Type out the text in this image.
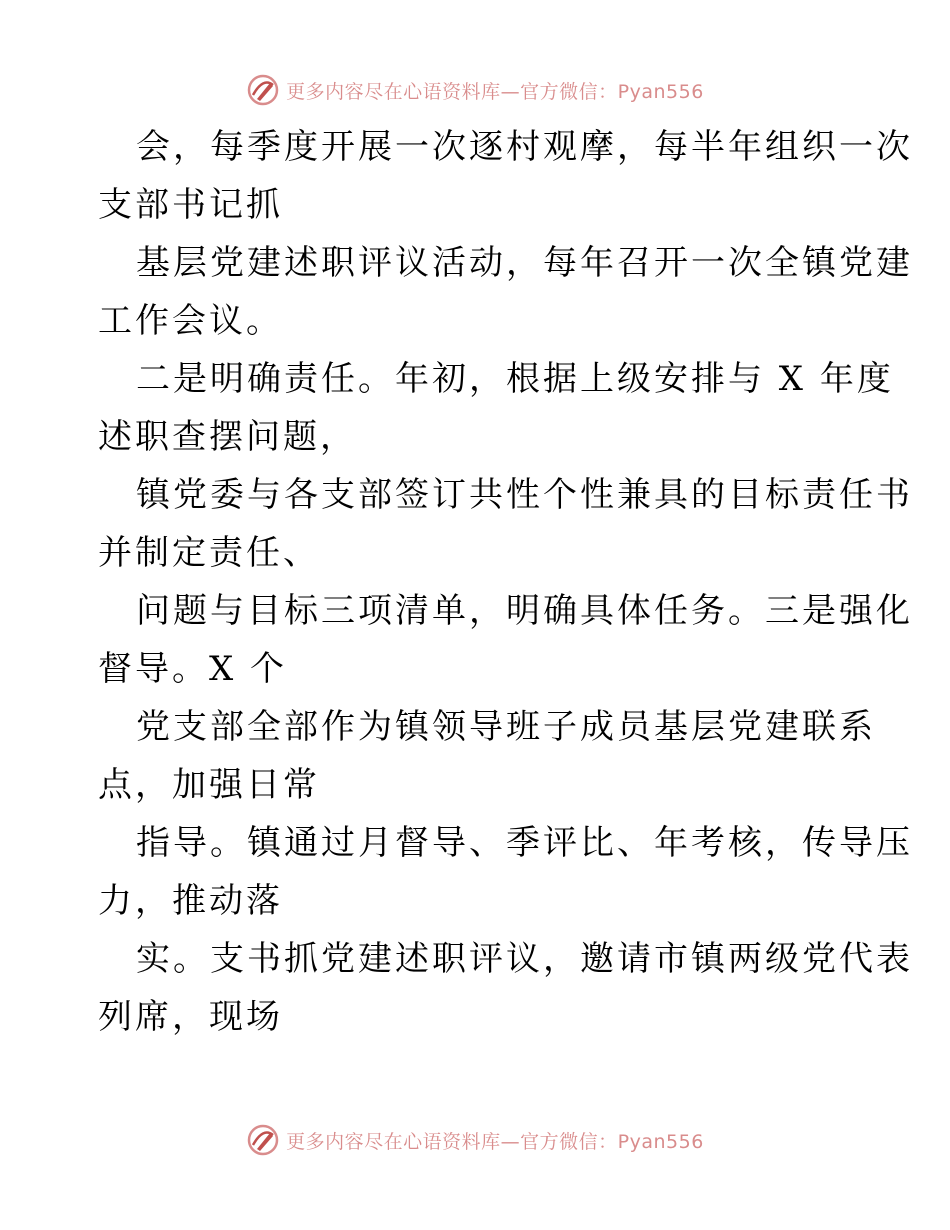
更多内容尽在心语资料库—官方微信：Pyan556
会，每季度开展一次逐村观摩，每半年组织一次
支部书记抓
基层党建述职评议活动，每年召开一次全镇党建
工作会议。
二是明确责任。年初，根据上级安排与 X 年度
述职查摆问题，
镇党委与各支部签订共性个性兼具的目标责任书
并制定责任、
问题与目标三项清单，明确具体任务。三是强化
督导。X 个
党支部全部作为镇领导班子成员基层党建联系
点，加强日常
指导。镇通过月督导、季评比、年考核，传导压
力，推动落
实。支书抓党建述职评议，邀请市镇两级党代表
列席，现场
更多内容尽在心语资料库—官方微信：Pyan556
